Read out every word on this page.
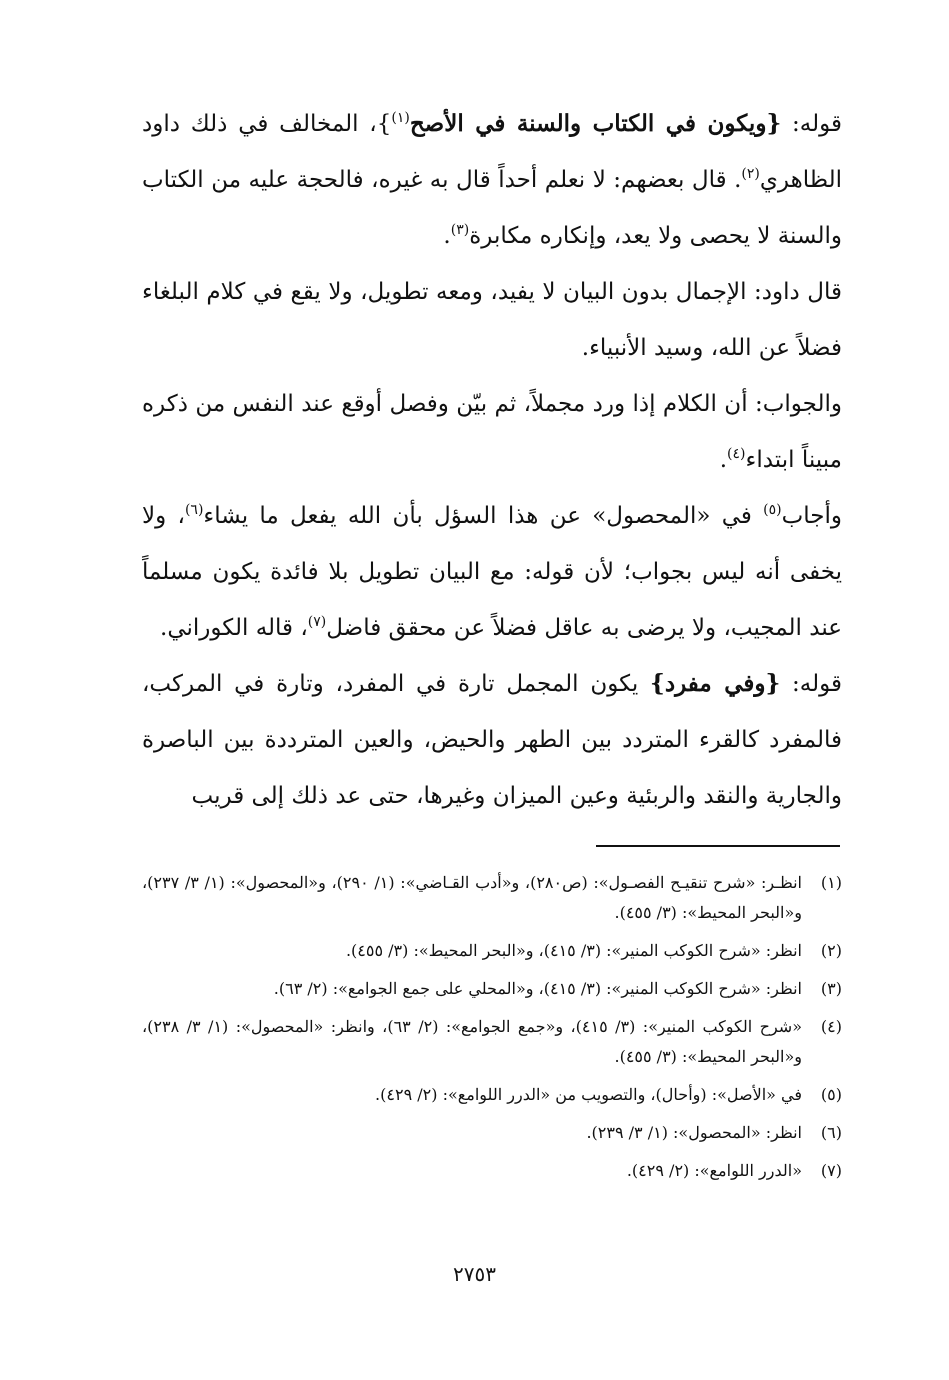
قوله: {ويكون في الكتاب والسنة في الأصح$^{(١)}$}، المخالف في ذلك داود الظاهري$^{(٢)}$. قال بعضهم: لا نعلم أحداً قال به غيره، فالحجة عليه من الكتاب والسنة لا يحصى ولا يعد، وإنكاره مكابرة$^{(٣)}$.

قال داود: الإجمال بدون البيان لا يفيد، ومعه تطويل، ولا يقع في كلام البلغاء فضلاً عن الله، وسيد الأنبياء.

والجواب: أن الكلام إذا ورد مجملاً، ثم بيّن وفصل أوقع عند النفس من ذكره مبيناً ابتداء$^{(٤)}$.

وأجاب$^{(٥)}$ في «المحصول» عن هذا السؤل بأن الله يفعل ما يشاء$^{(٦)}$، ولا يخفى أنه ليس بجواب؛ لأن قوله: مع البيان تطويل بلا فائدة يكون مسلماً عند المجيب، ولا يرضى به عاقل فضلاً عن محقق فاضل$^{(٧)}$، قاله الكوراني.

قوله: {وفي مفرد} يكون المجمل تارة في المفرد، وتارة في المركب، فالمفرد كالقرء المتردد بين الطهر والحيض، والعين المترددة بين الباصرة والجارية والنقد والربئية وعين الميزان وغيرها، حتى عد ذلك إلى قريب

(١)
انظـر: «شرح تنقيـح الفصـول»: (ص٢٨٠)، و«أدب القـاضي»: (١/ ٢٩٠)، و«المحصول»: (١/ ٣/ ٢٣٧)، و«البحر المحيط»: (٣/ ٤٥٥).
(٢)
انظر: «شرح الكوكب المنير»: (٣/ ٤١٥)، و«البحر المحيط»: (٣/ ٤٥٥).
(٣)
انظر: «شرح الكوكب المنير»: (٣/ ٤١٥)، و«المحلي على جمع الجوامع»: (٢/ ٦٣).
(٤)
«شرح الكوكب المنير»: (٣/ ٤١٥)، و«جمع الجوامع»: (٢/ ٦٣)، وانظر: «المحصول»: (١/ ٣/ ٢٣٨)، و«البحر المحيط»: (٣/ ٤٥٥).
(٥)
في «الأصل»: (وأحال)، والتصويب من «الدرر اللوامع»: (٢/ ٤٢٩).
(٦)
انظر: «المحصول»: (١/ ٣/ ٢٣٩).
(٧)
«الدرر اللوامع»: (٢/ ٤٢٩).
٢٧٥٣
